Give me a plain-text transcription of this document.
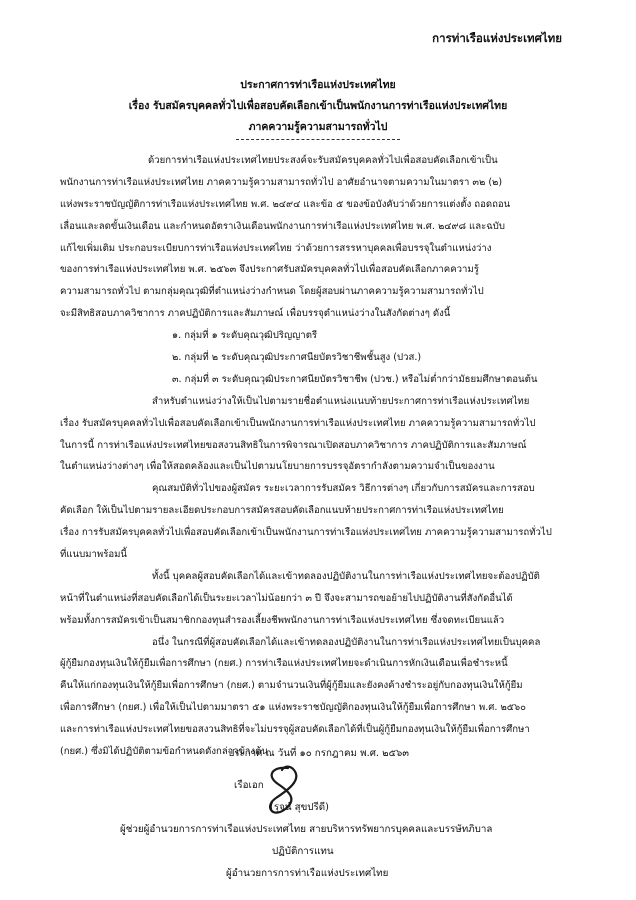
การท่าเรือแห่งประเทศไทย
ประกาศการท่าเรือแห่งประเทศไทย
เรื่อง รับสมัครบุคคลทั่วไปเพื่อสอบคัดเลือกเข้าเป็นพนักงานการท่าเรือแห่งประเทศไทย
ภาคความรู้ความสามารถทั่วไป
ด้วยการท่าเรือแห่งประเทศไทยประสงค์จะรับสมัครบุคคลทั่วไปเพื่อสอบคัดเลือกเข้าเป็น
พนักงานการท่าเรือแห่งประเทศไทย ภาคความรู้ความสามารถทั่วไป อาศัยอำนาจตามความในมาตรา ๓๒ (๒)
แห่งพระราชบัญญัติการท่าเรือแห่งประเทศไทย พ.ศ. ๒๔๙๔ และข้อ ๕ ของข้อบังคับว่าด้วยการแต่งตั้ง ถอดถอน
เลื่อนและลดขั้นเงินเดือน และกำหนดอัตราเงินเดือนพนักงานการท่าเรือแห่งประเทศไทย พ.ศ. ๒๔๙๘ และฉบับ
แก้ไขเพิ่มเติม ประกอบระเบียบการท่าเรือแห่งประเทศไทย ว่าด้วยการสรรหาบุคคลเพื่อบรรจุในตำแหน่งว่าง
ของการท่าเรือแห่งประเทศไทย พ.ศ. ๒๕๖๓ จึงประกาศรับสมัครบุคคลทั่วไปเพื่อสอบคัดเลือกภาคความรู้
ความสามารถทั่วไป ตามกลุ่มคุณวุฒิที่ตำแหน่งว่างกำหนด โดยผู้สอบผ่านภาคความรู้ความสามารถทั่วไป
จะมีสิทธิสอบภาควิชาการ ภาคปฏิบัติการและสัมภาษณ์ เพื่อบรรจุตำแหน่งว่างในสังกัดต่างๆ ดังนี้
๑. กลุ่มที่ ๑ ระดับคุณวุฒิปริญญาตรี
๒. กลุ่มที่ ๒ ระดับคุณวุฒิประกาศนียบัตรวิชาชีพชั้นสูง (ปวส.)
๓. กลุ่มที่ ๓ ระดับคุณวุฒิประกาศนียบัตรวิชาชีพ (ปวช.) หรือไม่ต่ำกว่ามัธยมศึกษาตอนต้น
สำหรับตำแหน่งว่างให้เป็นไปตามรายชื่อตำแหน่งแนบท้ายประกาศการท่าเรือแห่งประเทศไทย
เรื่อง รับสมัครบุคคลทั่วไปเพื่อสอบคัดเลือกเข้าเป็นพนักงานการท่าเรือแห่งประเทศไทย ภาคความรู้ความสามารถทั่วไป
ในการนี้ การท่าเรือแห่งประเทศไทยขอสงวนสิทธิในการพิจารณาเปิดสอบภาควิชาการ ภาคปฏิบัติการและสัมภาษณ์
ในตำแหน่งว่างต่างๆ เพื่อให้สอดคล้องและเป็นไปตามนโยบายการบรรจุอัตรากำลังตามความจำเป็นของงาน
คุณสมบัติทั่วไปของผู้สมัคร ระยะเวลาการรับสมัคร วิธีการต่างๆ เกี่ยวกับการสมัครและการสอบ
คัดเลือก ให้เป็นไปตามรายละเอียดประกอบการสมัครสอบคัดเลือกแนบท้ายประกาศการท่าเรือแห่งประเทศไทย
เรื่อง การรับสมัครบุคคลทั่วไปเพื่อสอบคัดเลือกเข้าเป็นพนักงานการท่าเรือแห่งประเทศไทย ภาคความรู้ความสามารถทั่วไป
ที่แนบมาพร้อมนี้
ทั้งนี้ บุคคลผู้สอบคัดเลือกได้และเข้าทดลองปฏิบัติงานในการท่าเรือแห่งประเทศไทยจะต้องปฏิบัติ
หน้าที่ในตำแหน่งที่สอบคัดเลือกได้เป็นระยะเวลาไม่น้อยกว่า ๓ ปี จึงจะสามารถขอย้ายไปปฏิบัติงานที่สังกัดอื่นได้
พร้อมทั้งการสมัครเข้าเป็นสมาชิกกองทุนสำรองเลี้ยงชีพพนักงานการท่าเรือแห่งประเทศไทย ซึ่งจดทะเบียนแล้ว
อนึ่ง ในกรณีที่ผู้สอบคัดเลือกได้และเข้าทดลองปฏิบัติงานในการท่าเรือแห่งประเทศไทยเป็นบุคคล
ผู้กู้ยืมกองทุนเงินให้กู้ยืมเพื่อการศึกษา (กยศ.) การท่าเรือแห่งประเทศไทยจะดำเนินการหักเงินเดือนเพื่อชำระหนี้
คืนให้แก่กองทุนเงินให้กู้ยืมเพื่อการศึกษา (กยศ.) ตามจำนวนเงินที่ผู้กู้ยืมและยังคงค้างชำระอยู่กับกองทุนเงินให้กู้ยืม
เพื่อการศึกษา (กยศ.) เพื่อให้เป็นไปตามมาตรา ๕๑ แห่งพระราชบัญญัติกองทุนเงินให้กู้ยืมเพื่อการศึกษา พ.ศ. ๒๕๖๐
และการท่าเรือแห่งประเทศไทยขอสงวนสิทธิที่จะไม่บรรจุผู้สอบคัดเลือกได้ที่เป็นผู้กู้ยืมกองทุนเงินให้กู้ยืมเพื่อการศึกษา
(กยศ.) ซึ่งมิได้ปฏิบัติตามข้อกำหนดดังกล่าวข้างต้น
ประกาศ ณ วันที่ ๑๐ กรกฎาคม พ.ศ. ๒๕๖๓
เรือเอก
(รุจน์ สุขปรีดี)
ผู้ช่วยผู้อำนวยการการท่าเรือแห่งประเทศไทย สายบริหารทรัพยากรบุคคลและบรรษัทภิบาล
ปฏิบัติการแทน
ผู้อำนวยการการท่าเรือแห่งประเทศไทย
